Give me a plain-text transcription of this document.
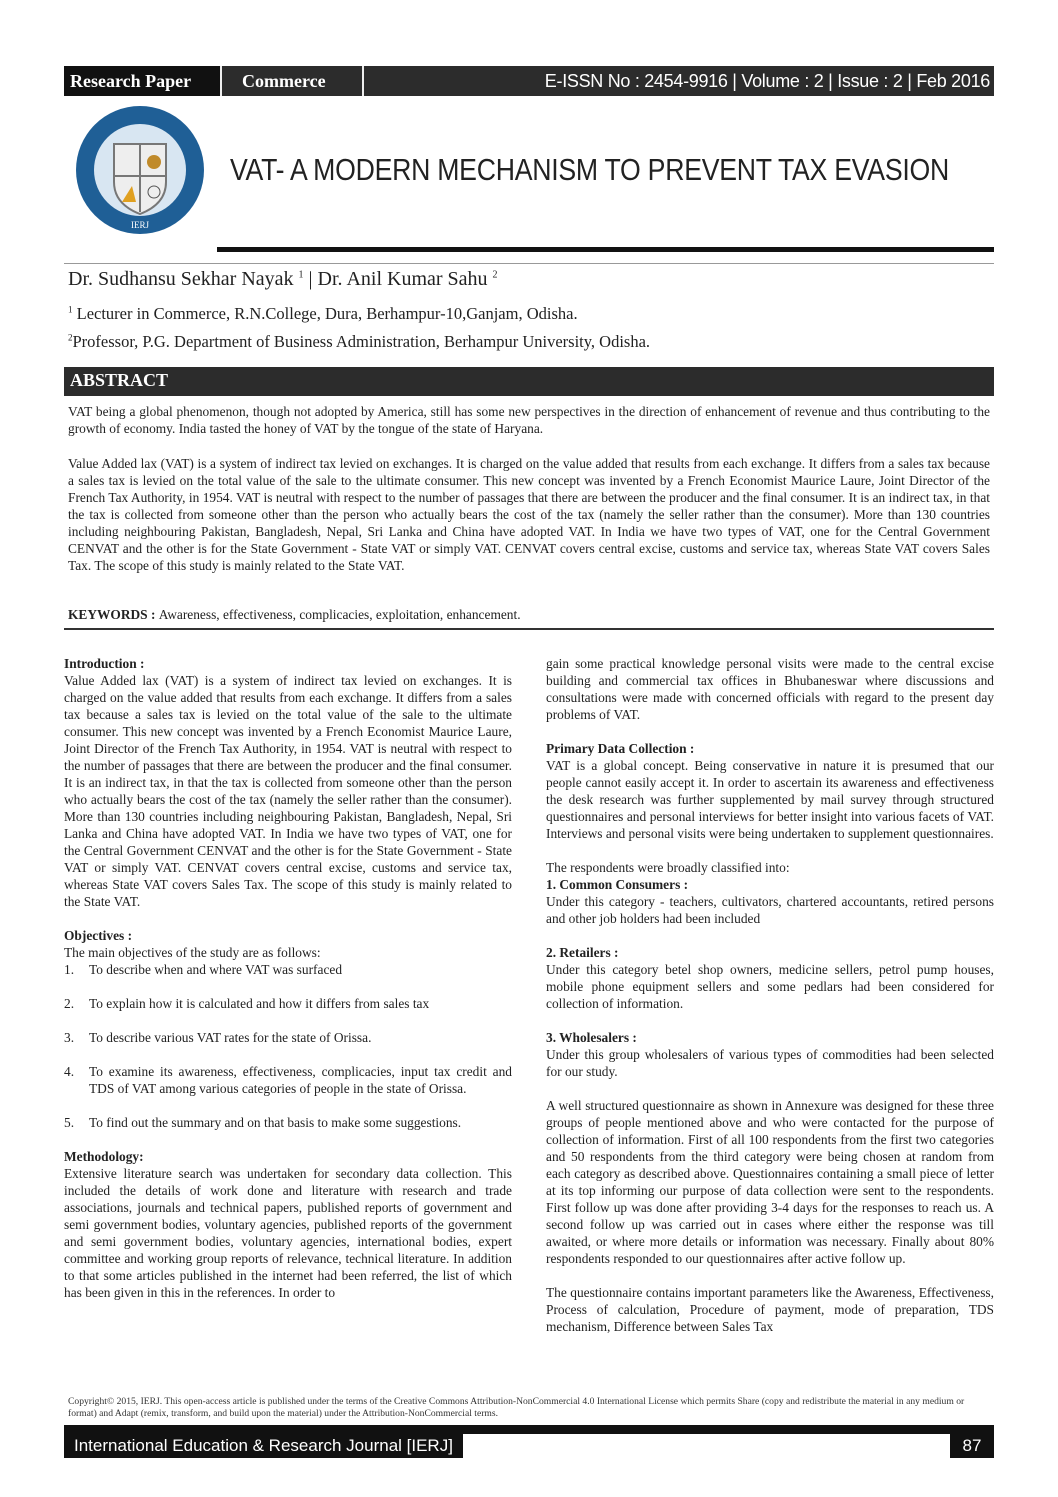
Research Paper	Commerce	E-ISSN No : 2454-9916 | Volume : 2 | Issue : 2 | Feb 2016
IERJ
VAT- A MODERN MECHANISM TO PREVENT TAX EVASION
Dr. Sudhansu Sekhar Nayak $^1$ | Dr. Anil Kumar Sahu $^2$
$^1$ Lecturer in Commerce, R.N.College, Dura, Berhampur-10,Ganjam, Odisha.
$^2$Professor, P.G. Department of Business Administration, Berhampur University, Odisha.
ABSTRACT
VAT being a global phenomenon, though not adopted by America, still has some new perspectives in the direction of enhancement of revenue and thus contributing to the growth of economy. India tasted the honey of VAT by the tongue of the state of Haryana.
Value Added lax (VAT) is a system of indirect tax levied on exchanges. It is charged on the value added that results from each exchange. It differs from a sales tax because a sales tax is levied on the total value of the sale to the ultimate consumer. This new concept was invented by a French Economist Maurice Laure, Joint Director of the French Tax Authority, in 1954. VAT is neutral with respect to the number of passages that there are between the producer and the final consumer. It is an indirect tax, in that the tax is collected from someone other than the person who actually bears the cost of the tax (namely the seller rather than the consumer). More than 130 countries including neighbouring Pakistan, Bangladesh, Nepal, Sri Lanka and China have adopted VAT. In India we have two types of VAT, one for the Central Government CENVAT and the other is for the State Government - State VAT or simply VAT. CENVAT covers central excise, customs and service tax, whereas State VAT covers Sales Tax. The scope of this study is mainly related to the State VAT.
KEYWORDS : Awareness, effectiveness, complicacies, exploitation, enhancement.
Introduction :

Value Added lax (VAT) is a system of indirect tax levied on exchanges. It is charged on the value added that results from each exchange. It differs from a sales tax because a sales tax is levied on the total value of the sale to the ultimate consumer. This new concept was invented by a French Economist Maurice Laure, Joint Director of the French Tax Authority, in 1954. VAT is neutral with respect to the number of passages that there are between the producer and the final consumer. It is an indirect tax, in that the tax is collected from someone other than the person who actually bears the cost of the tax (namely the seller rather than the consumer). More than 130 countries including neighbouring Pakistan, Bangladesh, Nepal, Sri Lanka and China have adopted VAT. In India we have two types of VAT, one for the Central Government CENVAT and the other is for the State Government - State VAT or simply VAT. CENVAT covers central excise, customs and service tax, whereas State VAT covers Sales Tax. The scope of this study is mainly related to the State VAT.

Objectives :
The main objectives of the study are as follows:
1.	To describe when and where VAT was surfaced
2.	To explain how it is calculated and how it differs from sales tax
3.	To describe various VAT rates for the state of Orissa.
4.	To examine its awareness, effectiveness, complicacies, input tax credit and TDS of VAT among various categories of people in the state of Orissa.
5.	To find out the summary and on that basis to make some suggestions.
Methodology:

Extensive literature search was undertaken for secondary data collection. This included the details of work done and literature with research and trade associations, journals and technical papers, published reports of government and semi government bodies, voluntary agencies, published reports of the government and semi government bodies, voluntary agencies, international bodies, expert committee and working group reports of relevance, technical literature. In addition to that some articles published in the internet had been referred, the list of which has been given in this in the references. In order to

gain some practical knowledge personal visits were made to the central excise building and commercial tax offices in Bhubaneswar where discussions and consultations were made with concerned officials with regard to the present day problems of VAT.

Primary Data Collection :

VAT is a global concept. Being conservative in nature it is presumed that our people cannot easily accept it. In order to ascertain its awareness and effectiveness the desk research was further supplemented by mail survey through structured questionnaires and personal interviews for better insight into various facets of VAT. Interviews and personal visits were being undertaken to supplement questionnaires.

The respondents were broadly classified into:
1. Common Consumers :

Under this category - teachers, cultivators, chartered accountants, retired persons and other job holders had been included

2. Retailers :

Under this category betel shop owners, medicine sellers, petrol pump houses, mobile phone equipment sellers and some pedlars had been considered for collection of information.

3. Wholesalers :

Under this group wholesalers of various types of commodities had been selected for our study.

A well structured questionnaire as shown in Annexure was designed for these three groups of people mentioned above and who were contacted for the purpose of collection of information. First of all 100 respondents from the first two categories and 50 respondents from the third category were being chosen at random from each category as described above. Questionnaires containing a small piece of letter at its top informing our purpose of data collection were sent to the respondents. First follow up was done after providing 3-4 days for the responses to reach us. A second follow up was carried out in cases where either the response was till awaited, or where more details or information was necessary. Finally about 80% respondents responded to our questionnaires after active follow up.

The questionnaire contains important parameters like the Awareness, Effectiveness, Process of calculation, Procedure of payment, mode of preparation, TDS mechanism, Difference between Sales Tax

Copyright© 2015, IERJ. This open-access article is published under the terms of the Creative Commons Attribution-NonCommercial 4.0 International License which permits Share (copy and redistribute the material in any medium or format) and Adapt (remix, transform, and build upon the material) under the Attribution-NonCommercial terms.
International Education & Research Journal [IERJ]	87
